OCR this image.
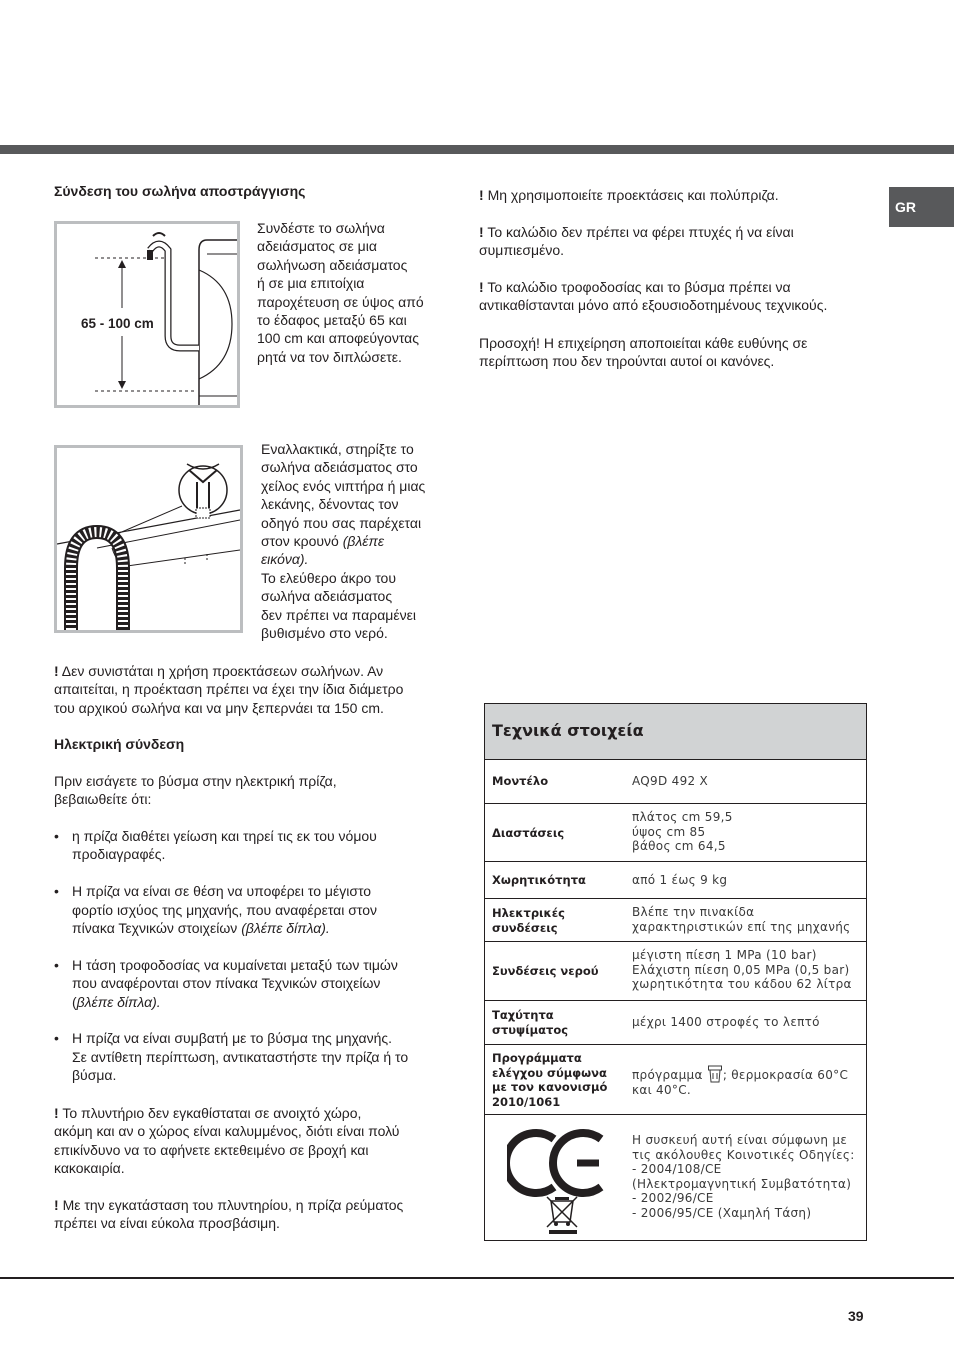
GR
Σύνδεση του σωλήνα αποστράγγισης
65 - 100 cm
Συνδέστε το σωλήνα
αδειάσματος σε μια
σωλήνωση αδειάσματος
ή σε μια επιτοίχια
παροχέτευση σε ύψος από
το έδαφος μεταξύ 65 και
100 cm και αποφεύγοντας
ρητά να τον διπλώσετε.
Εναλλακτικά, στηρίξτε το
σωλήνα αδειάσματος στο
χείλος ενός νιπτήρα ή μιας
λεκάνης, δένοντας τον
οδηγό που σας παρέχεται
στον κρουνό (βλέπε
εικόνα).
Το ελεύθερο άκρο του
σωλήνα αδειάσματος
δεν πρέπει να παραμένει
βυθισμένο στο νερό.
! Δεν συνιστάται η χρήση προεκτάσεων σωλήνων. Αν
απαιτείται, η προέκταση πρέπει να έχει την ίδια διάμετρο
του αρχικού σωλήνα και να μην ξεπερνάει τα 150 cm.
Ηλεκτρική σύνδεση
Πριν εισάγετε το βύσμα στην ηλεκτρική πρίζα,
βεβαιωθείτε ότι:
• η πρίζα διαθέτει γείωση και τηρεί τις εκ του νόμου
προδιαγραφές.
• Η πρίζα να είναι σε θέση να υποφέρει το μέγιστο
φορτίο ισχύος της μηχανής, που αναφέρεται στον
πίνακα Τεχνικών στοιχείων (βλέπε δίπλα).
• Η τάση τροφοδοσίας να κυμαίνεται μεταξύ των τιμών
που αναφέρονται στον πίνακα Τεχνικών στοιχείων
(βλέπε δίπλα).
• Η πρίζα να είναι συμβατή με το βύσμα της μηχανής.
Σε αντίθετη περίπτωση, αντικαταστήστε την πρίζα ή το
βύσμα.
! Το πλυντήριο δεν εγκαθίσταται σε ανοιχτό χώρο,
ακόμη και αν ο χώρος είναι καλυμμένος, διότι είναι πολύ
επικίνδυνο να το αφήνετε εκτεθειμένο σε βροχή και
κακοκαιρία.
! Με την εγκατάσταση του πλυντηρίου, η πρίζα ρεύματος
πρέπει να είναι εύκολα προσβάσιμη.
! Μη χρησιμοποιείτε προεκτάσεις και πολύπριζα.
! Το καλώδιο δεν πρέπει να φέρει πτυχές ή να είναι
συμπιεσμένο.
! Το καλώδιο τροφοδοσίας και το βύσμα πρέπει να
αντικαθίστανται μόνο από εξουσιοδοτημένους τεχνικούς.
Προσοχή! Η επιχείρηση αποποιείται κάθε ευθύνης σε
περίπτωση που δεν τηρούνται αυτοί οι κανόνες.
Τεχνικά στοιχεία
Μοντέλο	AQ9D 492 X
Διαστάσεις
πλάτος cm 59,5
ύψος cm 85
βάθος cm 64,5
Χωρητικότητα	από 1 έως 9 kg
Ηλεκτρικές
συνδέσεις
Βλέπε την πινακίδα
χαρακτηριστικών επί της μηχανής
Συνδέσεις νερού
μέγιστη πίεση 1 MPa (10 bar)
Ελάχιστη πίεση 0,05 MPa (0,5 bar)
χωρητικότητα του κάδου 62 λίτρα
Ταχύτητα
στυψίματος
μέχρι 1400 στροφές το λεπτό
Προγράμματα
ελέγχου σύμφωνα
με τον κανονισμό
2010/1061
πρόγραμμα ; θερμοκρασία 60°C
και 40°C.
Η συσκευή αυτή είναι σύμφωνη με
τις ακόλουθες Κοινοτικές Οδηγίες:
- 2004/108/CE
(Ηλεκτρομαγνητική Συμβατότητα)
- 2002/96/CE
- 2006/95/CE (Χαμηλή Τάση)
39
